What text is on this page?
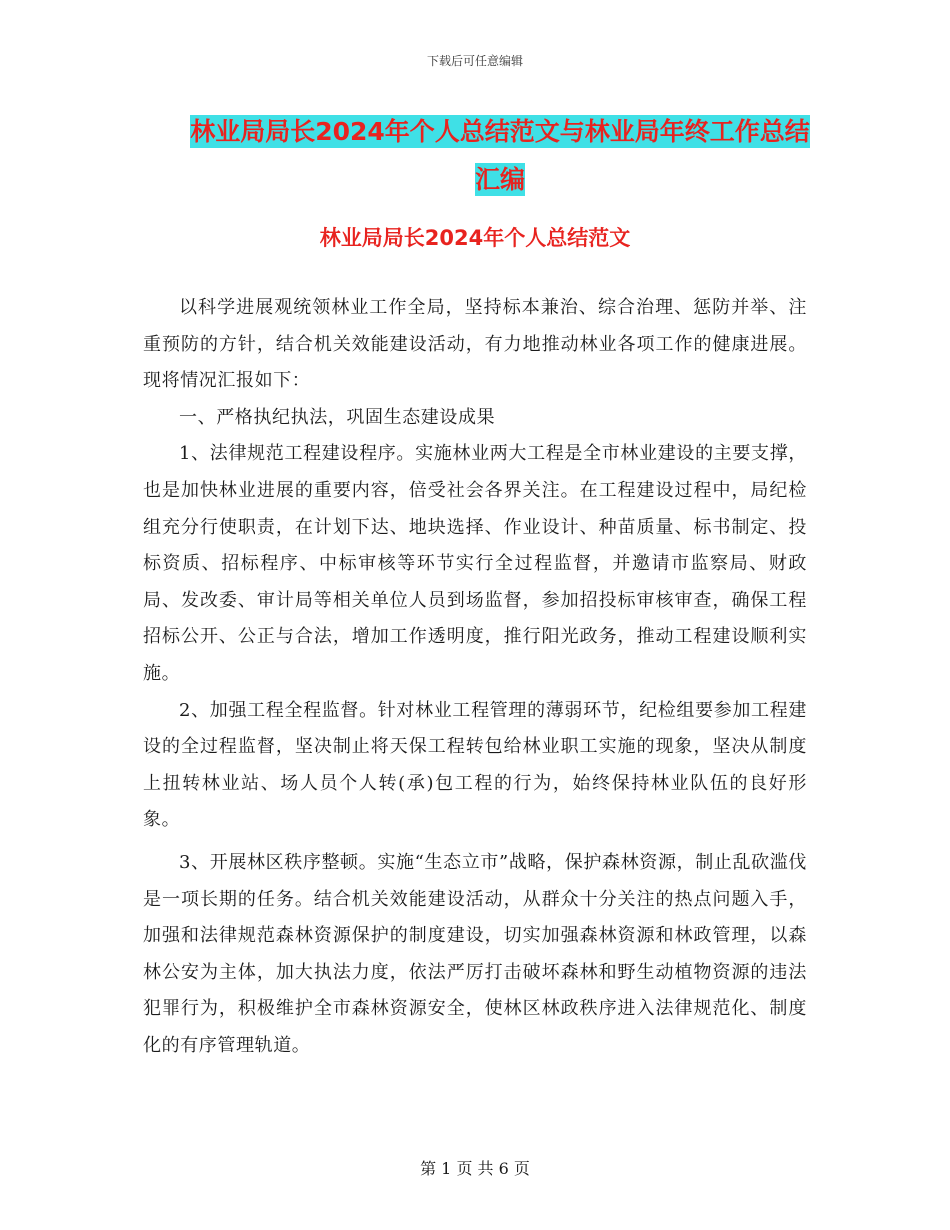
下载后可任意编辑
林业局局长2024年个人总结范文与林业局年终工作总结汇编
林业局局长2024年个人总结范文

以科学进展观统领林业工作全局，坚持标本兼治、综合治理、惩防并举、注重预防的方针，结合机关效能建设活动，有力地推动林业各项工作的健康进展。现将情况汇报如下：

一、严格执纪执法，巩固生态建设成果

1、法律规范工程建设程序。实施林业两大工程是全市林业建设的主要支撑，也是加快林业进展的重要内容，倍受社会各界关注。在工程建设过程中，局纪检组充分行使职责，在计划下达、地块选择、作业设计、种苗质量、标书制定、投标资质、招标程序、中标审核等环节实行全过程监督，并邀请市监察局、财政局、发改委、审计局等相关单位人员到场监督，参加招投标审核审查，确保工程招标公开、公正与合法，增加工作透明度，推行阳光政务，推动工程建设顺利实施。

2、加强工程全程监督。针对林业工程管理的薄弱环节，纪检组要参加工程建设的全过程监督，坚决制止将天保工程转包给林业职工实施的现象，坚决从制度上扭转林业站、场人员个人转(承)包工程的行为，始终保持林业队伍的良好形象。

3、开展林区秩序整顿。实施“生态立市”战略，保护森林资源，制止乱砍滥伐是一项长期的任务。结合机关效能建设活动，从群众十分关注的热点问题入手，加强和法律规范森林资源保护的制度建设，切实加强森林资源和林政管理，以森林公安为主体，加大执法力度，依法严厉打击破坏森林和野生动植物资源的违法犯罪行为，积极维护全市森林资源安全，使林区林政秩序进入法律规范化、制度化的有序管理轨道。

第 1 页 共 6 页
